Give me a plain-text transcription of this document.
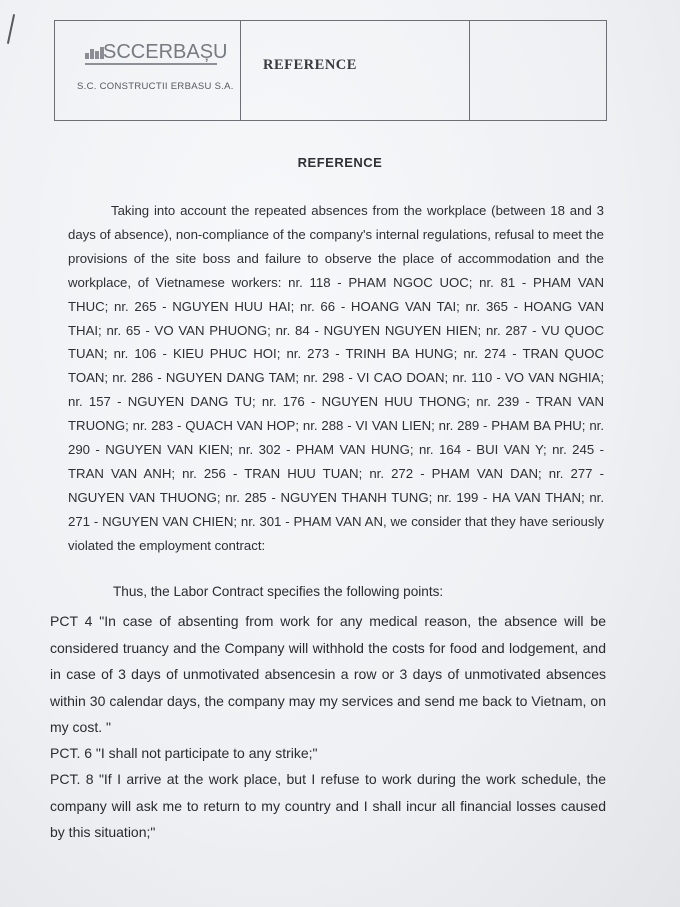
SCCERBAȘU
S.C. CONSTRUCTII ERBASU S.A.
REFERENCE
REFERENCE
Taking into account the repeated absences from the workplace (between 18 and 3 days of absence), non-compliance of the company's internal regulations, refusal to meet the provisions of the site boss and failure to observe the place of accommodation and the workplace, of Vietnamese workers: nr. 118 - PHAM NGOC UOC; nr. 81 - PHAM VAN THUC; nr. 265 - NGUYEN HUU HAI; nr. 66 - HOANG VAN TAI; nr. 365 - HOANG VAN THAI; nr. 65 - VO VAN PHUONG; nr. 84 - NGUYEN NGUYEN HIEN; nr. 287 - VU QUOC TUAN; nr. 106 - KIEU PHUC HOI; nr. 273 - TRINH BA HUNG; nr. 274 - TRAN QUOC TOAN; nr. 286 - NGUYEN DANG TAM; nr. 298 - VI CAO DOAN; nr. 110 - VO VAN NGHIA; nr. 157 - NGUYEN DANG TU; nr. 176 - NGUYEN HUU THONG; nr. 239 - TRAN VAN TRUONG; nr. 283 - QUACH VAN HOP; nr. 288 - VI VAN LIEN; nr. 289 - PHAM BA PHU; nr. 290 - NGUYEN VAN KIEN; nr. 302 - PHAM VAN HUNG; nr. 164 - BUI VAN Y; nr. 245 - TRAN VAN ANH; nr. 256 - TRAN HUU TUAN; nr. 272 - PHAM VAN DAN; nr. 277 - NGUYEN VAN THUONG; nr. 285 - NGUYEN THANH TUNG; nr. 199 - HA VAN THAN; nr. 271 - NGUYEN VAN CHIEN; nr. 301 - PHAM VAN AN, we consider that they have seriously violated the employment contract:
Thus, the Labor Contract specifies the following points:
PCT 4 "In case of absenting from work for any medical reason, the absence will be considered truancy and the Company will withhold the costs for food and lodgement, and in case of 3 days of unmotivated absencesin a row or 3 days of unmotivated absences within 30 calendar days, the company may my services and send me back to Vietnam, on my cost. "
PCT. 6 "I shall not participate to any strike;"
PCT. 8 "If I arrive at the work place, but I refuse to work during the work schedule, the company will ask me to return to my country and I shall incur all financial losses caused by this situation;"
